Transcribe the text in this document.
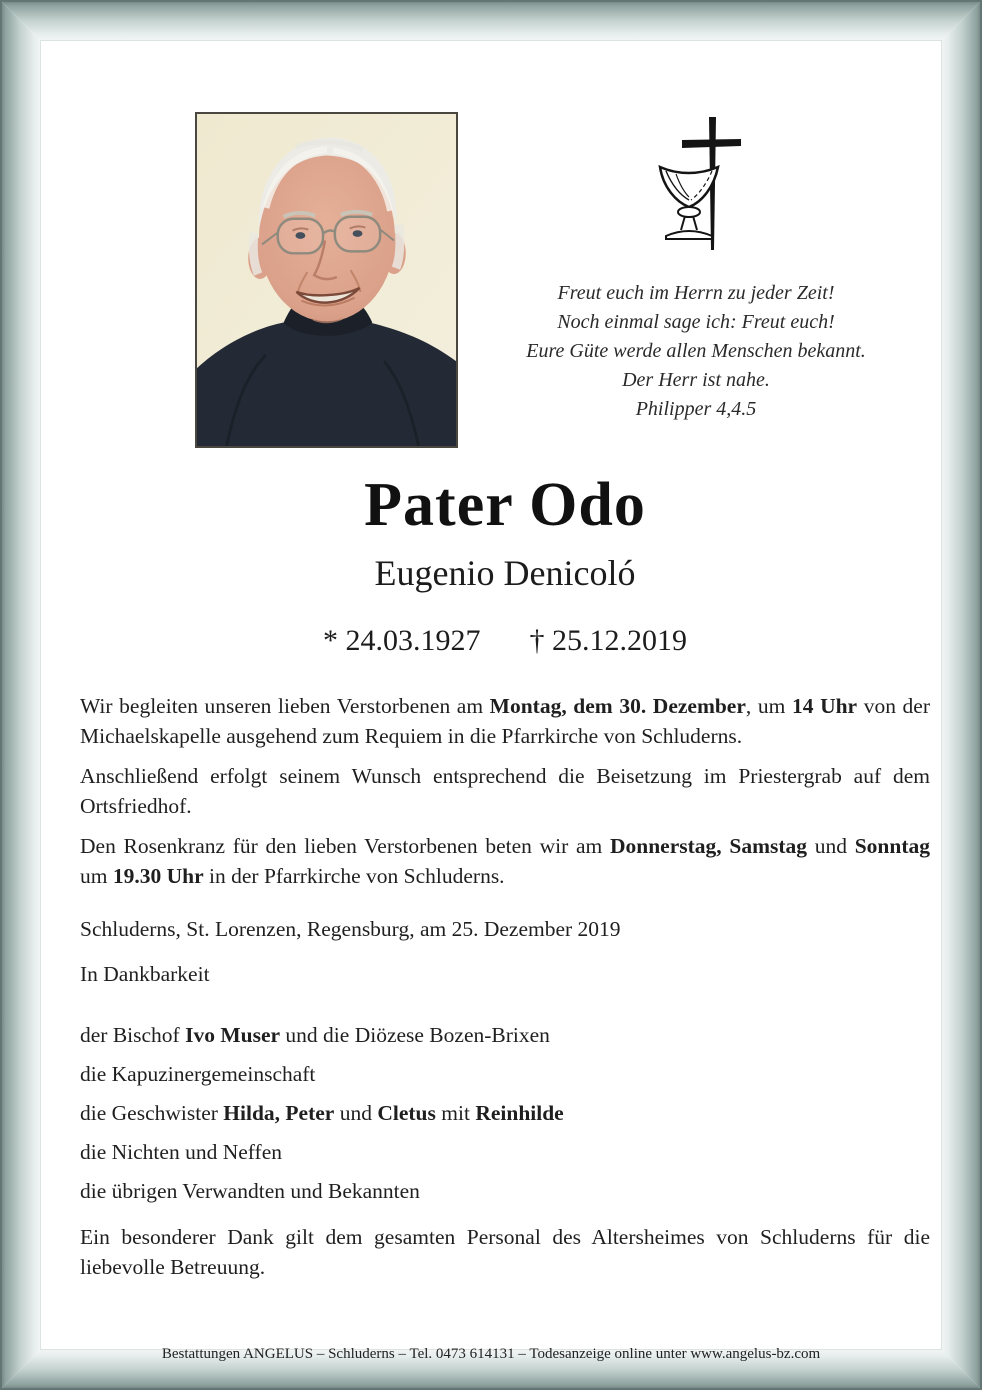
Freut euch im Herrn zu jeder Zeit!
Noch einmal sage ich: Freut euch!
Eure Güte werde allen Menschen bekannt.
Der Herr ist nahe.
Philipper 4,4.5
Pater Odo
Eugenio Denicoló
* 24.03.1927 † 25.12.2019

Wir begleiten unseren lieben Verstorbenen am Montag, dem 30. Dezember, um 14 Uhr von der Michaelskapelle ausgehend zum Requiem in die Pfarrkirche von Schluderns.

Anschließend erfolgt seinem Wunsch entsprechend die Beisetzung im Priestergrab auf dem Ortsfriedhof.

Den Rosenkranz für den lieben Verstorbenen beten wir am Donnerstag, Samstag und Sonntag um 19.30 Uhr in der Pfarrkirche von Schluderns.

Schluderns, St. Lorenzen, Regensburg, am 25. Dezember 2019
In Dankbarkeit

der Bischof Ivo Muser und die Diözese Bozen-Brixen

die Kapuzinergemeinschaft

die Geschwister Hilda, Peter und Cletus mit Reinhilde

die Nichten und Neffen

die übrigen Verwandten und Bekannten

Ein besonderer Dank gilt dem gesamten Personal des Altersheimes von Schluderns für die liebevolle Betreuung.

Bestattungen ANGELUS – Schluderns – Tel. 0473 614131 – Todesanzeige online unter www.angelus-bz.com
